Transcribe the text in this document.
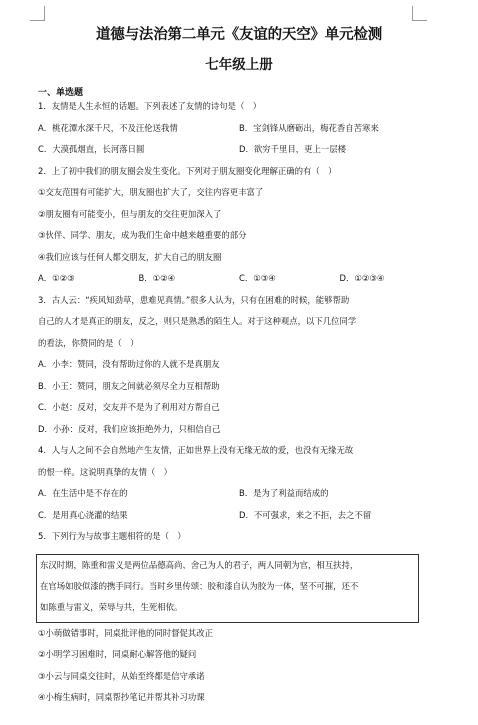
道德与法治第二单元《友谊的天空》单元检测
七年级上册
一、单选题
1．友情是人生永恒的话题。下列表述了友情的诗句是（　）
A．桃花潭水深千尺，不及汪伦送我情	B．宝剑锋从磨砺出，梅花香自苦寒来
C．大漠孤烟直，长河落日圆	D．欲穷千里目，更上一层楼
2．上了初中我们的朋友圈会发生变化。下列对于朋友圈变化理解正确的有（　）
①交友范围有可能扩大，朋友圈也扩大了，交往内容更丰富了
②朋友圈有可能变小，但与朋友的交往更加深入了
③伙伴、同学、朋友，成为我们生命中越来越重要的部分
④我们应该与任何人都交朋友，扩大自己的朋友圈
A．①②③	B．①②④	C．①③④	D．①②③④
3．古人云：“疾风知劲草，患难见真情。”很多人认为，只有在困难的时候，能够帮助
自己的人才是真正的朋友，反之，则只是熟悉的陌生人。对于这种观点，以下几位同学
的看法，你赞同的是（　）
A．小李：赞同，没有帮助过你的人就不是真朋友
B．小王：赞同，朋友之间就必须尽全力互相帮助
C．小赵：反对，交友并不是为了利用对方帮自己
D．小孙：反对，我们应该拒绝外力，只相信自己
4．人与人之间不会自然地产生友情，正如世界上没有无缘无故的爱，也没有无缘无故
的恨一样。这说明真挚的友情（　）
A．在生活中是不存在的	B．是为了利益而结成的
C．是用真心浇灌的结果	D．不可强求，来之不拒，去之不留
5．下列行为与故事主题相符的是（　）
东汉时期，陈重和雷义是两位品德高尚、舍己为人的君子，两人同朝为官，相互扶持，
在官场如胶似漆的携手同行。当时乡里传颂：胶和漆自认为胶为一体，坚不可摧，还不
如陈重与雷义，荣辱与共，生死相依。
①小萌做错事时，同桌批评他的同时督促其改正
②小明学习困难时，同桌耐心解答他的疑问
③小云与同桌交往时，从始至终都是信守承诺
④小梅生病时，同桌帮抄笔记并帮其补习功课
